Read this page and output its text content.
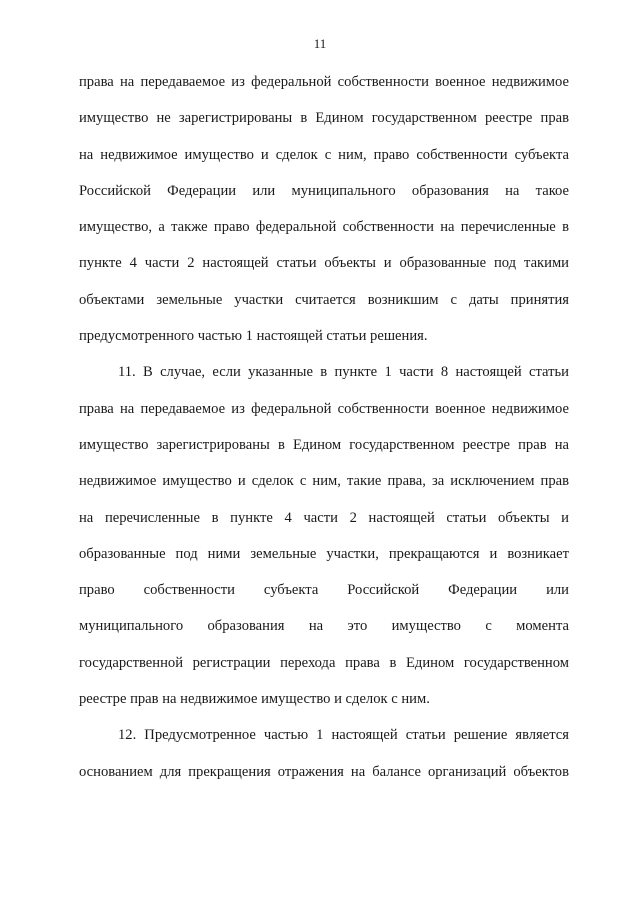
11
права на передаваемое из федеральной собственности военное недвижимое
имущество не зарегистрированы в Едином государственном реестре прав
на недвижимое имущество и сделок с ним, право собственности субъекта
Российской Федерации или муниципального образования на такое
имущество, а также право федеральной собственности на перечисленные в
пункте 4 части 2 настоящей статьи объекты и образованные под такими
объектами земельные участки считается возникшим с даты принятия
предусмотренного частью 1 настоящей статьи решения.
11. В случае, если указанные в пункте 1 части 8 настоящей статьи
права на передаваемое из федеральной собственности военное недвижимое
имущество зарегистрированы в Едином государственном реестре прав на
недвижимое имущество и сделок с ним, такие права, за исключением прав
на перечисленные в пункте 4 части 2 настоящей статьи объекты и
образованные под ними земельные участки, прекращаются и возникает
право собственности субъекта Российской Федерации или
муниципального образования на это имущество с момента
государственной регистрации перехода права в Едином государственном
реестре прав на недвижимое имущество и сделок с ним.
12. Предусмотренное частью 1 настоящей статьи решение является
основанием для прекращения отражения на балансе организаций объектов
